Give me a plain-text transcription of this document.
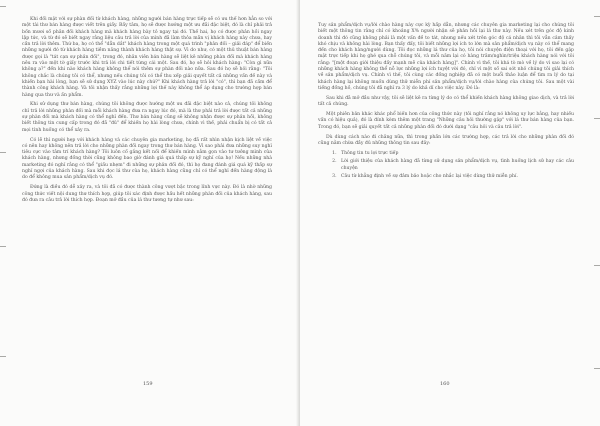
Khi đối mặt với sự phàn đối từ khách hàng, những người bán hàng trực tiếp sẽ có ưu thế hơn hẳn so với một tài thư bán hàng được viết trên giấy. Bấy tâm, họ sẽ được hướng một ưu đãi đặc biệt, đó là chỉ phải trả bốn mươi số phân đối khách hàng mà khách hàng bày tỏ ngay tại đó. Thế hai, họ có được phản hồi ngay lập tức, và từ đó sẽ biết ngay rằng liệu câu trả lời của mình đã làm thỏa mãn vị khách hàng này chưa, hay cần trả lời thêm. Thứ ba, họ có thể "dẫn dắt" khách hàng trong một quá trình "phản đối – giải đáp" để biến những người đó từ khách hàng tiềm năng thành khách hàng thật sự. Vì do như, có một thủ thuật bán hàng được gọi là "tát cạn sự phản đối", trong đó, nhân viên bán hàng sẽ liệt kê những phàn đối mà khách hàng nêu ra vào một tờ giấy trước khi trả lời chi tiết từng cái một. Sau đó, họ sẽ hỏi khách hàng: "Còn gì nữa không ạ?" đến khi nào khách hàng không thể nói thêm sự phàn đối nào nữa. Sau đó họ sẽ hỏi rằng: "Tôi không chắc là chúng tôi có thể, nhưng nếu chúng tôi có thể thu xếp giải quyết tất cả những vấn đề này và khiến bạn hài lòng, bạn sẽ sử dụng XYZ vào lúc này chứ?" Khi khách hàng trả lời "có", thì bạn đã cầm để thành công khách hàng. Và tôi nhận thấy rằng những lợi thế này không thể áp dụng cho trường hợp bán hàng qua thư và ấn phẩm.

Khi sử dụng thư bán hàng, chúng tôi không được hướng một ưu đãi đặc biệt nào cả, chúng tôi không chỉ trả lời những phàn đối mà mỗi khách hàng đưa ra ngay lúc đó, mà là thư phải trả lời được tất cả những sự phàn đối mà khách hàng có thể nghĩ đến. Thư bán hàng cũng sẽ không nhận được sự phản hồi, không biết thông tin cung cấp trong đó đã "đủ" để khiến họ hài lòng chưa, chính vì thế, phải chuẩn bị có tất cả mọi tình huống có thể xảy ra.

Có lẽ thì người hẹp với khách hàng và các chuyên gia marketing, họ đã rất nhìn nhận kịch liệt về việc có nên hay không nên trả lời cho những phàn đối ngay trong thư bán hàng. Vì sao phải đưa những suy nghĩ tiêu cực vào tâm trí khách hàng? Tôi luôn cố gắng kết nối để khiến mình nằm gọn vào tư tưởng mình của khách hàng, nhưng đồng thời cũng không bao giờ đánh giá quá thấp sự kỹ nghĩ của họ! Nếu những nhà marketing đó nghĩ rằng có thể "giấu nhẹm" đi những sự phản đối đó, thì họ đang đánh giá quá kỹ thấp sự nghĩ ngợi của khách hàng. Sau khi đọc lá thư của họ, khách hàng cũng chỉ có thể nghĩ đến hàng động là do để không mua sản phẩm/dịch vụ đó.

Đứng là điều đó dễ xảy ra, và tôi đã có được thành công vượt bậc trong lĩnh vực này. Đó là nhờ những công thức viết nội dung thư thích hợp, giúp tôi xác định được hầu hết những phàn đối của khách hàng, sau đó đưa ra câu trả lời thích hợp. Đoạn mở đầu của lá thư tương tự như sau:

159

Tuy sản phẩm/dịch vụ/lời chào hàng này cực kỳ hấp dẫn, nhưng các chuyên gia marketing lại cho chúng tôi biết một thông tin rằng chỉ có khoảng X% người nhận sẽ phản hồi lại lá thư này. Nếu xét trên góc độ kinh doanh thì đó cũng không phải là một vấn đề to tát, nhưng nếu xét trên góc độ cá nhân thì tôi vẫn cảm thấy khó chịu và không hài lòng. Bạn thấy đấy, tôi biết những lợi ích to lớn mà sản phẩm/dịch vụ này có thể mang đến cho khách hàng/người dùng. Tôi đọc những lá thư của họ, tôi nói chuyện điện thoại với họ, tôi đến gặp mặt trực tiếp khi họ ghé qua chỗ chúng tôi, và mỗi năm lại có hàng trăm/nghìn/triệu khách hàng nói với tôi rằng: "[một đoạn giới thiệu đầy mạnh mẽ của khách hàng]". Chính vì thế, tôi khá tò mò về lý do vì sao lại có những khách hàng không thể nỗ lực những lợi ích tuyệt vời đó, chỉ vì một số sai sót nhỏ chúng tôi giải thích về sản phẩm/dịch vụ. Chính vì thế, tôi cùng các đồng nghiệp đã có một buổi thảo luận để tìm ra lý do tại khách hàng lại không muốn dùng thử miễn phí sản phẩm/dịch vụ/lời chào hàng của chúng tôi. Sau một vài tiếng đồng hồ, chúng tôi đã nghĩ ra 3 lý do khả dĩ cho việc này. Đó là:

Sau khi đã mở đầu như vậy, tôi sẽ liệt kê ra từng lý do có thể khiến khách hàng không giao dịch, và trả lời tất cả chúng.

Một phiên bản khác khác phổ biến hơn của công thức này (tôi nghĩ rằng nó không uy lực bằng, hay nhiều vấn có hiệu quả), đó là đính kèm thêm một trang "Những câu hỏi thường gặp" với lá thư bán hàng của bạn. Trong đó, bạn sẽ giải quyết tất cả những phàn đối đó dưới dạng "câu hỏi và câu trả lời".

Dù dùng cách nào đi chăng nữa, thì trong phần lớn các trường hợp, các trả lời cho những phàn đối đó cũng nằm chừa đầy đủ những thông tin sau đây:

1. Thông tin tu lợi trực tiếp
2. Lời giới thiệu của khách hàng đã từng sử dụng sản phẩm/dịch vụ, tình huống lịch sử hay các câu chuyện
3. Câu từ khẳng định về sự đảm bảo hoặc cho nhắc lại việc dùng thử miễn phí.
160
